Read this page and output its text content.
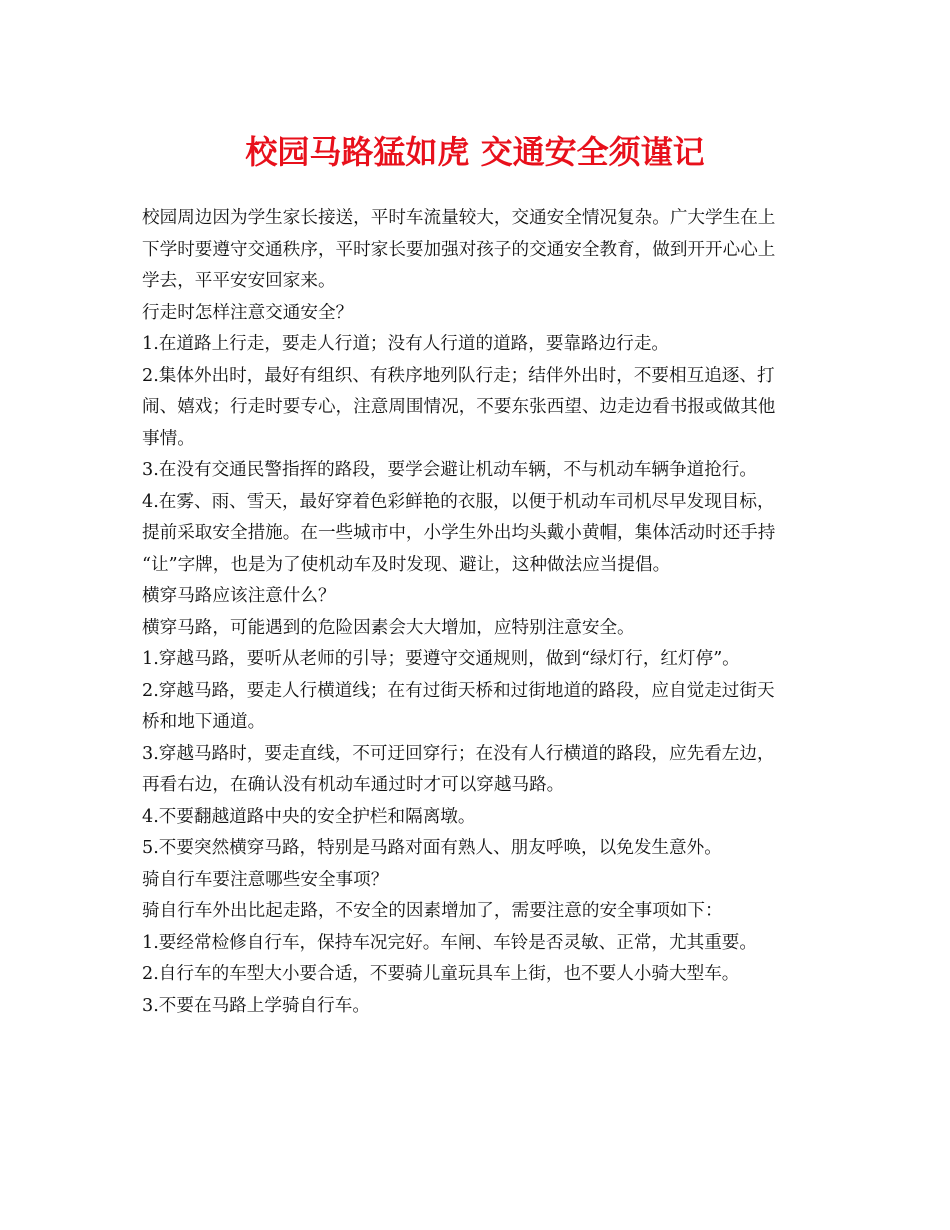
校园马路猛如虎 交通安全须谨记
校园周边因为学生家长接送，平时车流量较大，交通安全情况复杂。广大学生在上
下学时要遵守交通秩序，平时家长要加强对孩子的交通安全教育，做到开开心心上
学去，平平安安回家来。
行走时怎样注意交通安全？
1.在道路上行走，要走人行道；没有人行道的道路，要靠路边行走。
2.集体外出时，最好有组织、有秩序地列队行走；结伴外出时，不要相互追逐、打
闹、嬉戏；行走时要专心，注意周围情况，不要东张西望、边走边看书报或做其他
事情。
3.在没有交通民警指挥的路段，要学会避让机动车辆，不与机动车辆争道抢行。
4.在雾、雨、雪天，最好穿着色彩鲜艳的衣服，以便于机动车司机尽早发现目标，
提前采取安全措施。在一些城市中，小学生外出均头戴小黄帽，集体活动时还手持
“让”字牌，也是为了使机动车及时发现、避让，这种做法应当提倡。
横穿马路应该注意什么？
横穿马路，可能遇到的危险因素会大大增加，应特别注意安全。
1.穿越马路，要听从老师的引导；要遵守交通规则，做到“绿灯行，红灯停”。
2.穿越马路，要走人行横道线；在有过街天桥和过街地道的路段，应自觉走过街天
桥和地下通道。
3.穿越马路时，要走直线，不可迂回穿行；在没有人行横道的路段，应先看左边，
再看右边，在确认没有机动车通过时才可以穿越马路。
4.不要翻越道路中央的安全护栏和隔离墩。
5.不要突然横穿马路，特别是马路对面有熟人、朋友呼唤，以免发生意外。
骑自行车要注意哪些安全事项？
骑自行车外出比起走路，不安全的因素增加了，需要注意的安全事项如下：
1.要经常检修自行车，保持车况完好。车闸、车铃是否灵敏、正常，尤其重要。
2.自行车的车型大小要合适，不要骑儿童玩具车上街，也不要人小骑大型车。
3.不要在马路上学骑自行车。
